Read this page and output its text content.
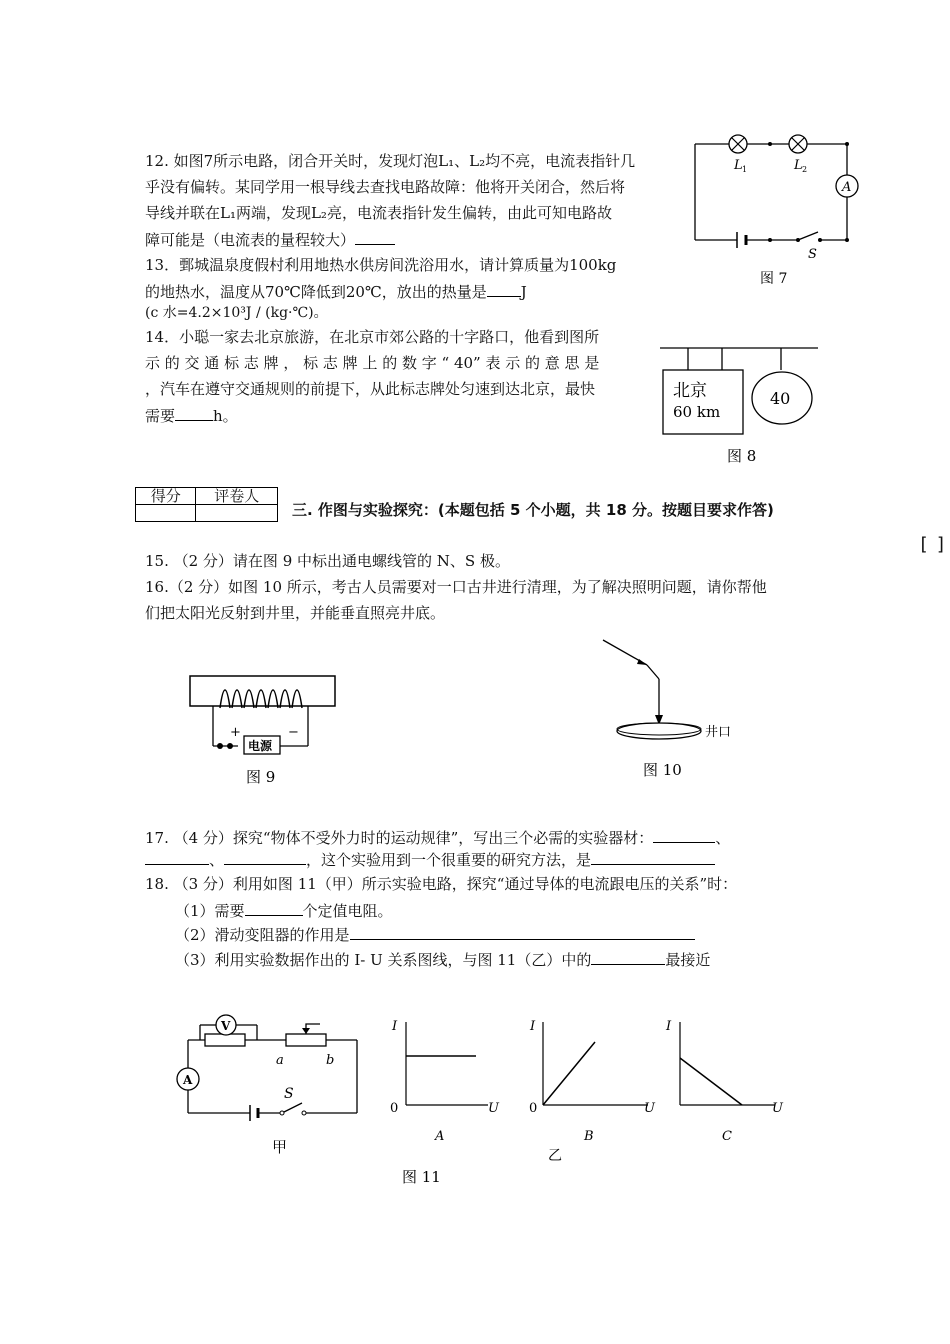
12. 如图7所示电路，闭合开关时，发现灯泡L₁、L₂均不亮，电流表指针几
乎没有偏转。某同学用一根导线去查找电路故障：他将开关闭合，然后将
导线并联在L₁两端，发现L₂亮，电流表指针发生偏转，由此可知电路故
障可能是（电流表的量程较大）
A
L 1	L 2
S
图 7
13．鄄城温泉度假村利用地热水供房间洗浴用水，请计算质量为100kg
的地热水，温度从70℃降低到20℃，放出的热量是 J
(c 水=4.2×10³J / (kg·℃)。
14．小聪一家去北京旅游，在北京市郊公路的十字路口，他看到图所
示 的 交 通 标 志 牌 ， 标 志 牌 上 的 数 字 “ 40” 表 示 的 意 思 是
，汽车在遵守交通规则的前提下，从此标志牌处匀速到达北京，最快
需要	h。
北京
60 km
40
图 8
得分	评卷人

三. 作图与实验探究：(本题包括 5 个小题，共 18 分。按题目要求作答)
[ ]
15. （2 分）请在图 9 中标出通电螺线管的 N、S 极。
16.（2 分）如图 10 所示，考古人员需要对一口古井进行清理，为了解决照明问题，请你帮他
们把太阳光反射到井里，并能垂直照亮井底。
电源
+	−
图 9
井口
图 10
17. （4 分）探究“物体不受外力时的运动规律”，写出三个必需的实验器材：	、
、	，这个实验用到一个很重要的研究方法，是
18. （3 分）利用如图 11（甲）所示实验电路，探究“通过导体的电流跟电压的关系”时：
（1）需要	个定值电阻。
（2）滑动变阻器的作用是
（3）利用实验数据作出的 I- U 关系图线，与图 11（乙）中的	最接近
V
A
S
a	b
甲
I
0	U
A
I
0	U
B
乙
I
U
C
图 11
